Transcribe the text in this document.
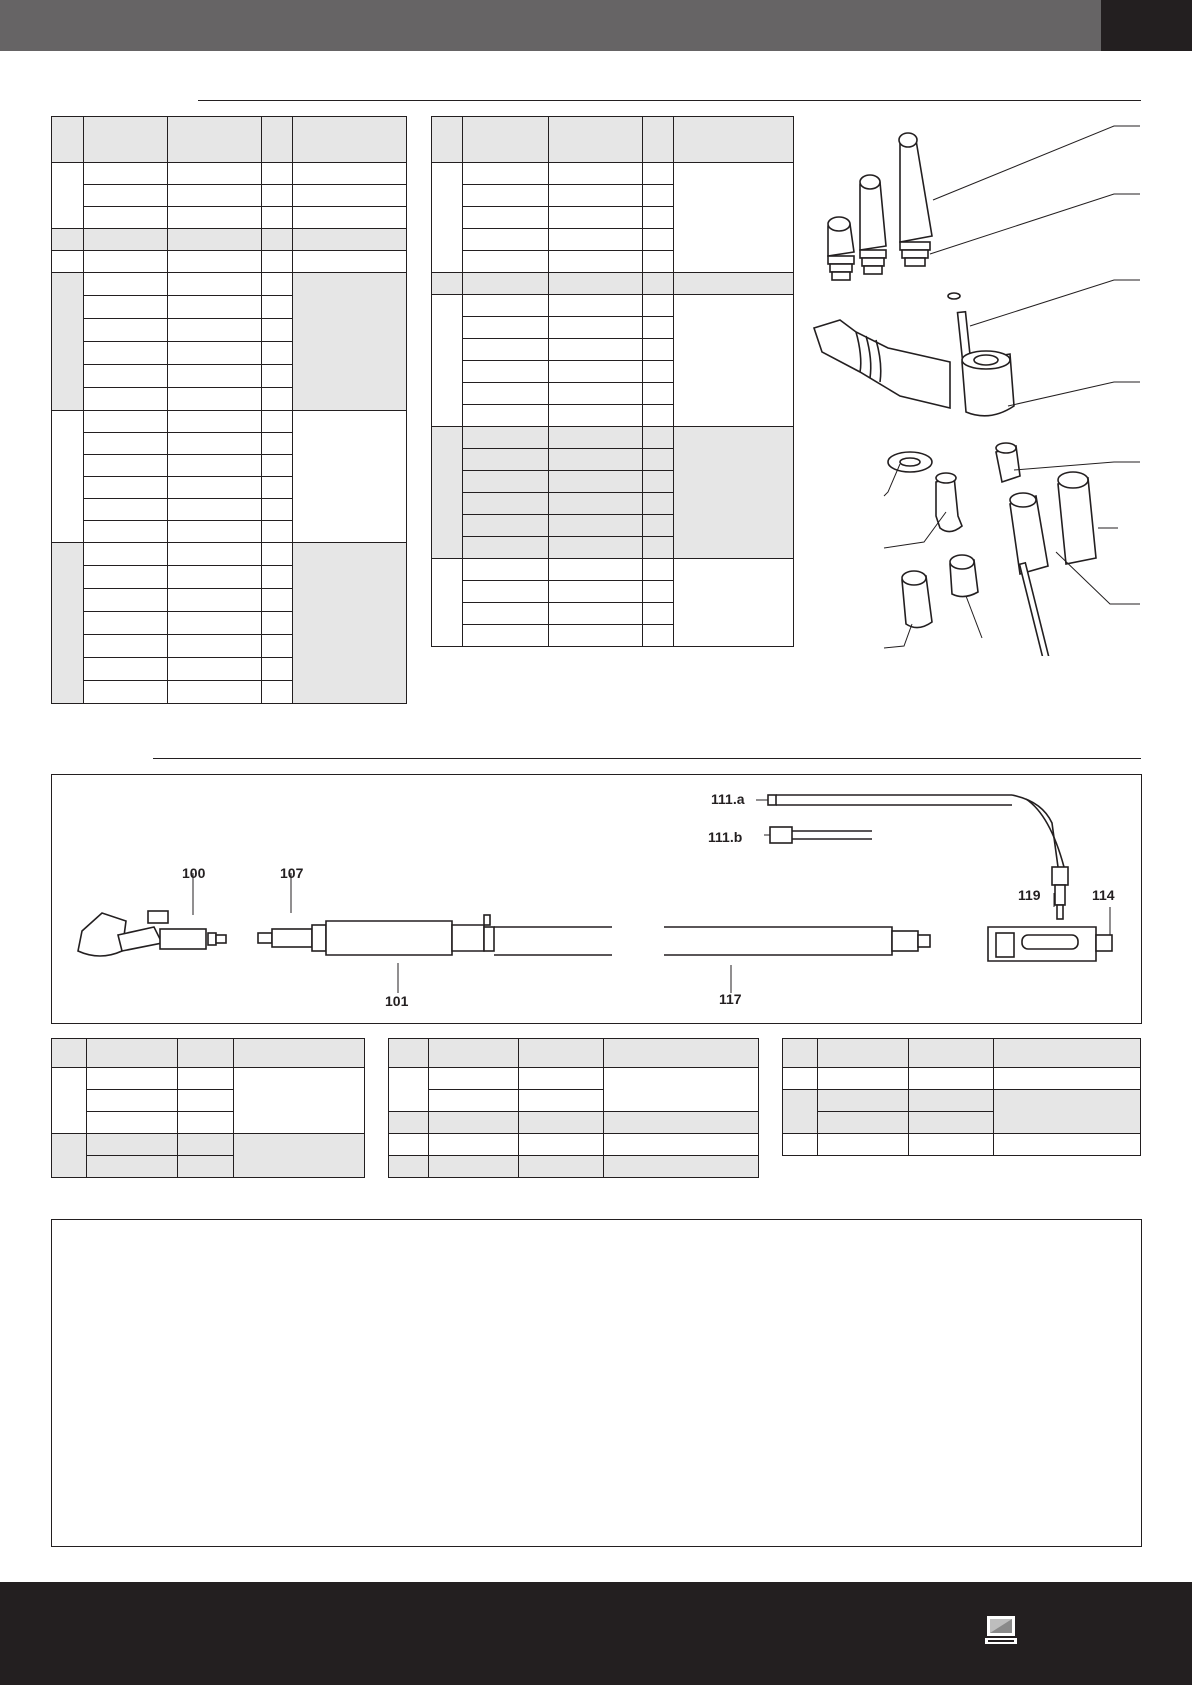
100	107
101	117
111.a
111.b
119	114
